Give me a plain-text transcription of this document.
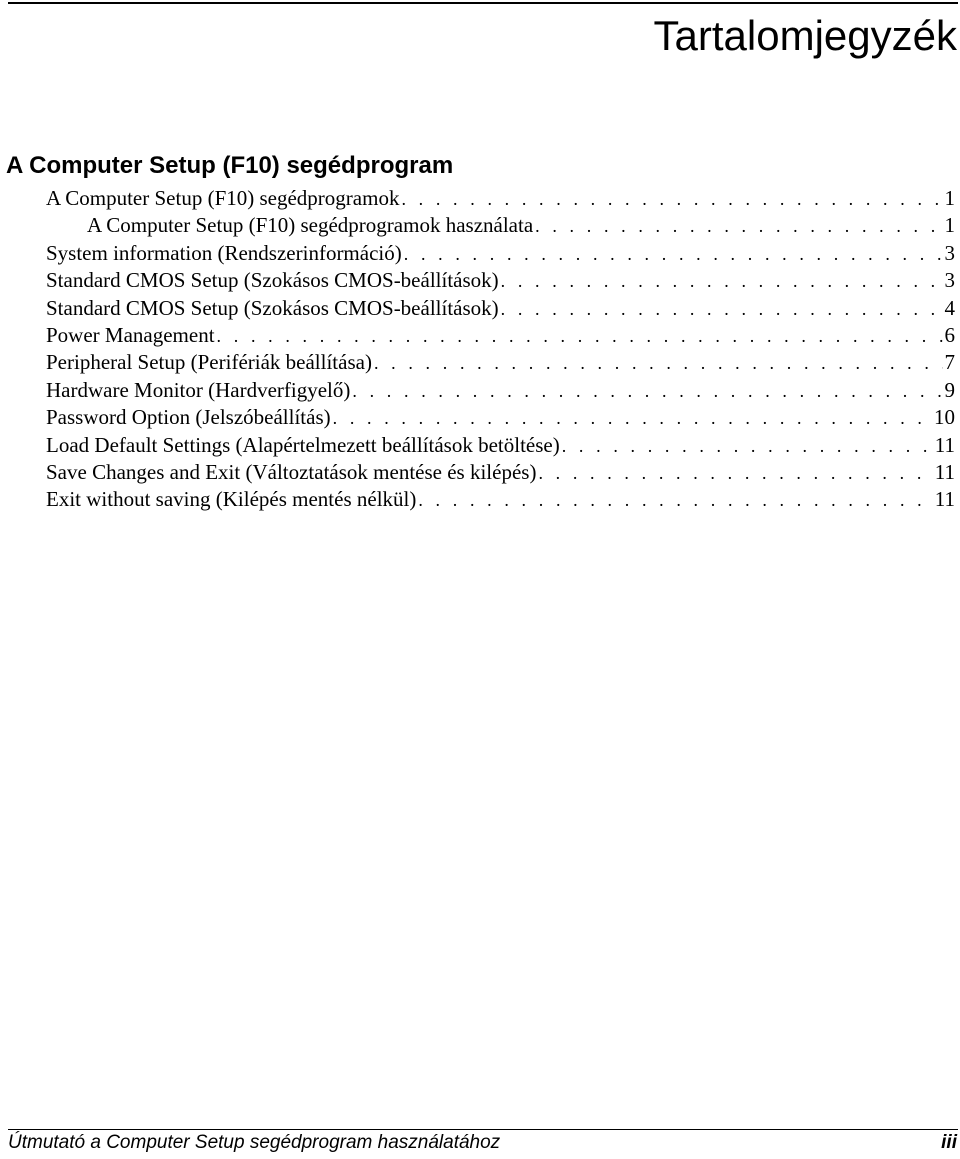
Tartalomjegyzék
A Computer Setup (F10) segédprogram
A Computer Setup (F10) segédprogramok . . .	1
A Computer Setup (F10) segédprogramok használata . . .	1
System information (Rendszerinformáció) . . .	3
Standard CMOS Setup (Szokásos CMOS-beállítások) . . .	3
Standard CMOS Setup (Szokásos CMOS-beállítások) . . .	4
Power Management . . .	6
Peripheral Setup (Perifériák beállítása) . . .	7
Hardware Monitor (Hardverfigyelő) . . .	9
Password Option (Jelszóbeállítás) . . .	10
Load Default Settings (Alapértelmezett beállítások betöltése) . . .	11
Save Changes and Exit (Változtatások mentése és kilépés) . . .	11
Exit without saving (Kilépés mentés nélkül) . . .	11
Útmutató a Computer Setup segédprogram használatához	iii
